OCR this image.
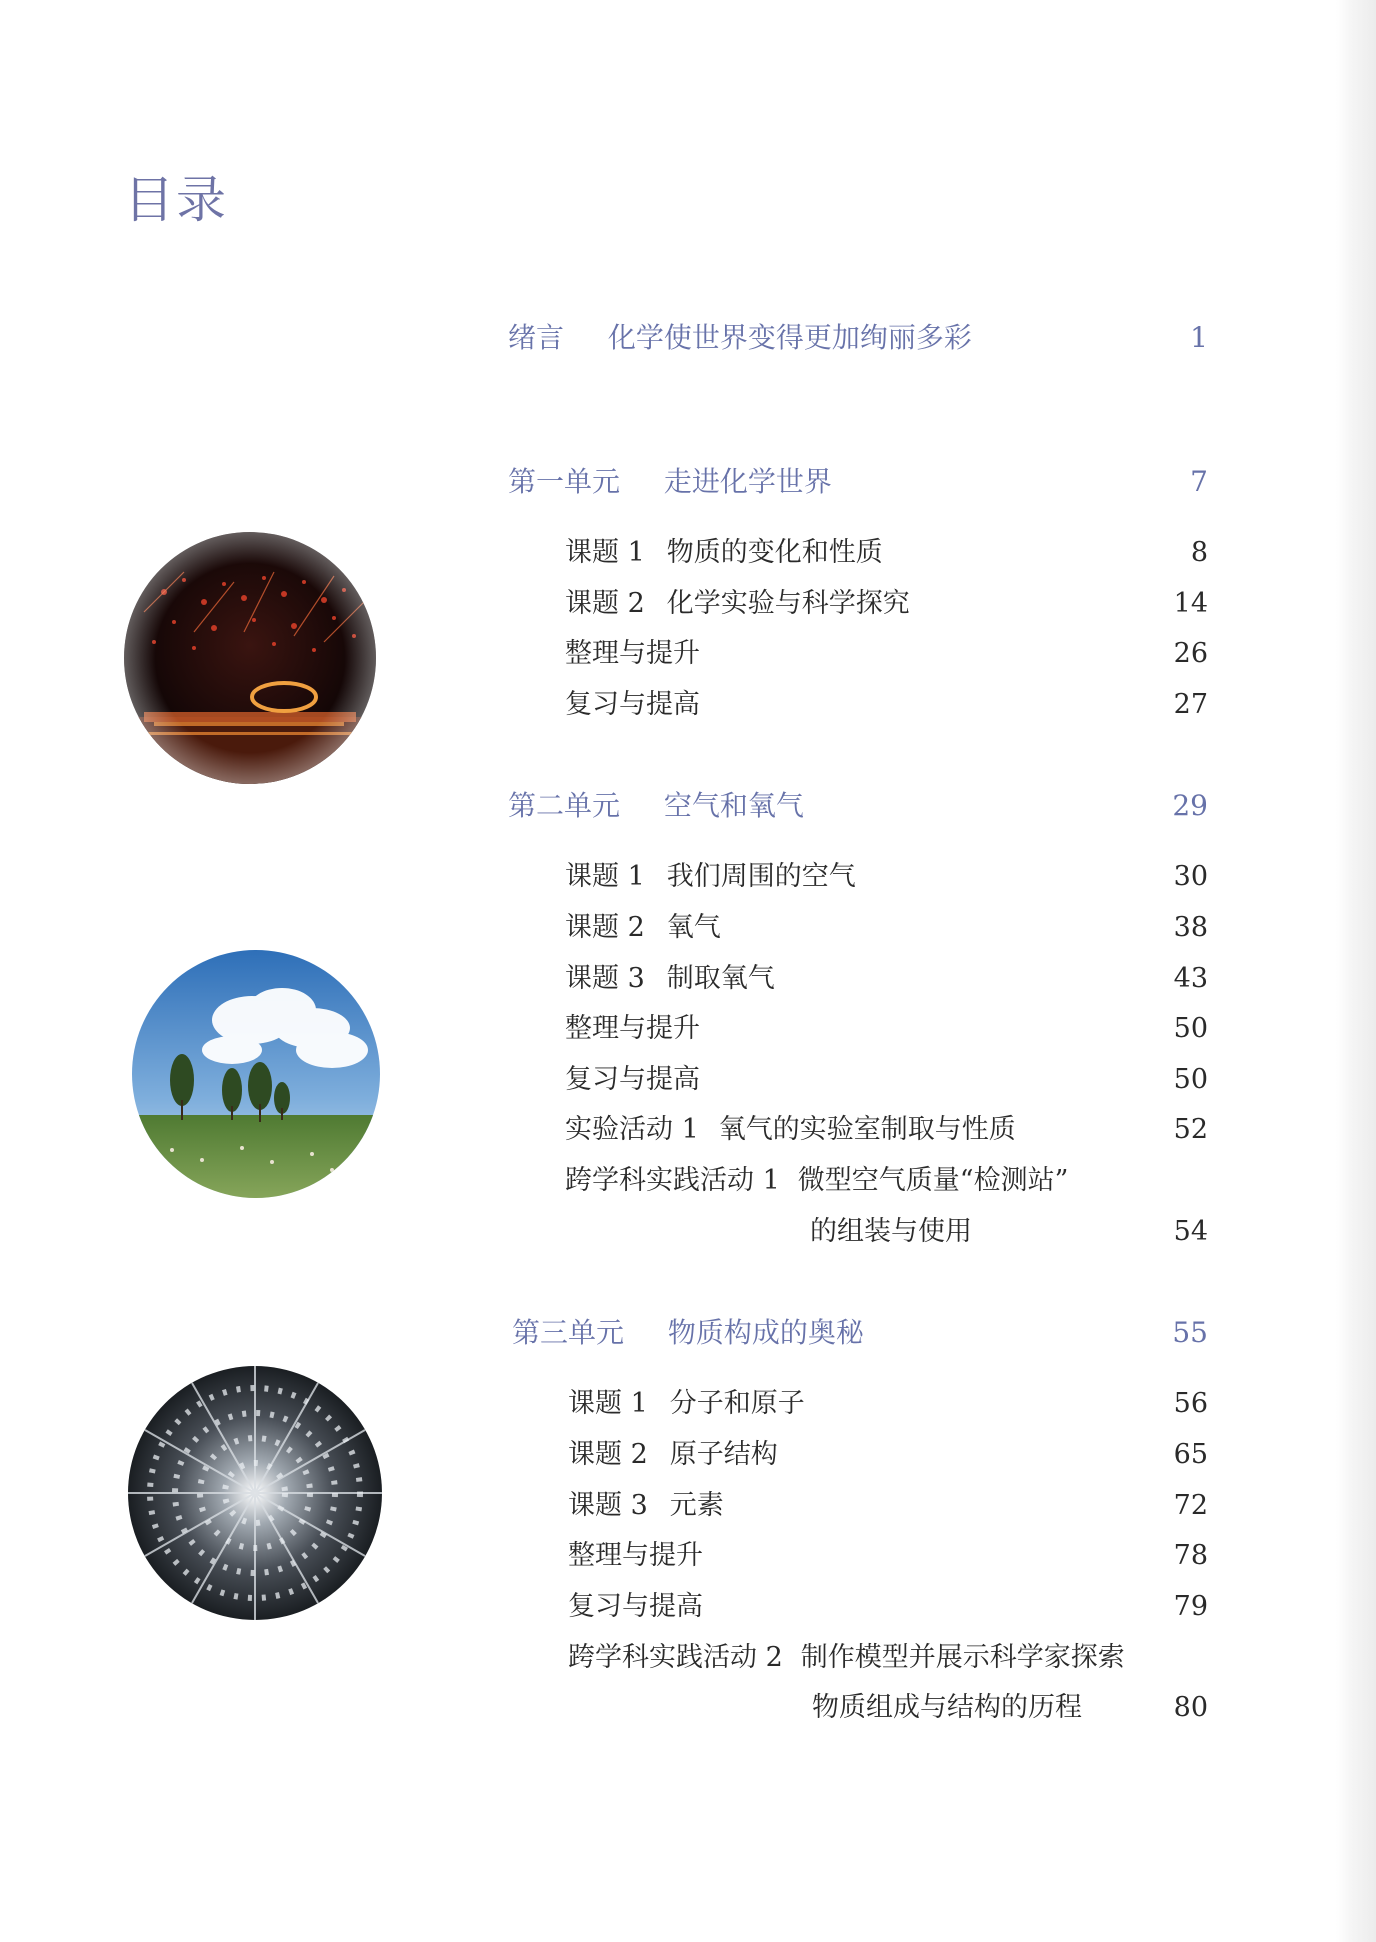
目录
绪言 化学使世界变得更加绚丽多彩	1
第一单元 走进化学世界	7
课题 1 物质的变化和性质	8
课题 2 化学实验与科学探究	14
整理与提升	26
复习与提高	27
第二单元 空气和氧气	29
课题 1 我们周围的空气	30
课题 2 氧气	38
课题 3 制取氧气	43
整理与提升	50
复习与提高	50
实验活动 1 氧气的实验室制取与性质	52
跨学科实践活动 1 微型空气质量“检测站”
的组装与使用	54
第三单元 物质构成的奥秘	55
课题 1 分子和原子	56
课题 2 原子结构	65
课题 3 元素	72
整理与提升	78
复习与提高	79
跨学科实践活动 2 制作模型并展示科学家探索
物质组成与结构的历程	80
